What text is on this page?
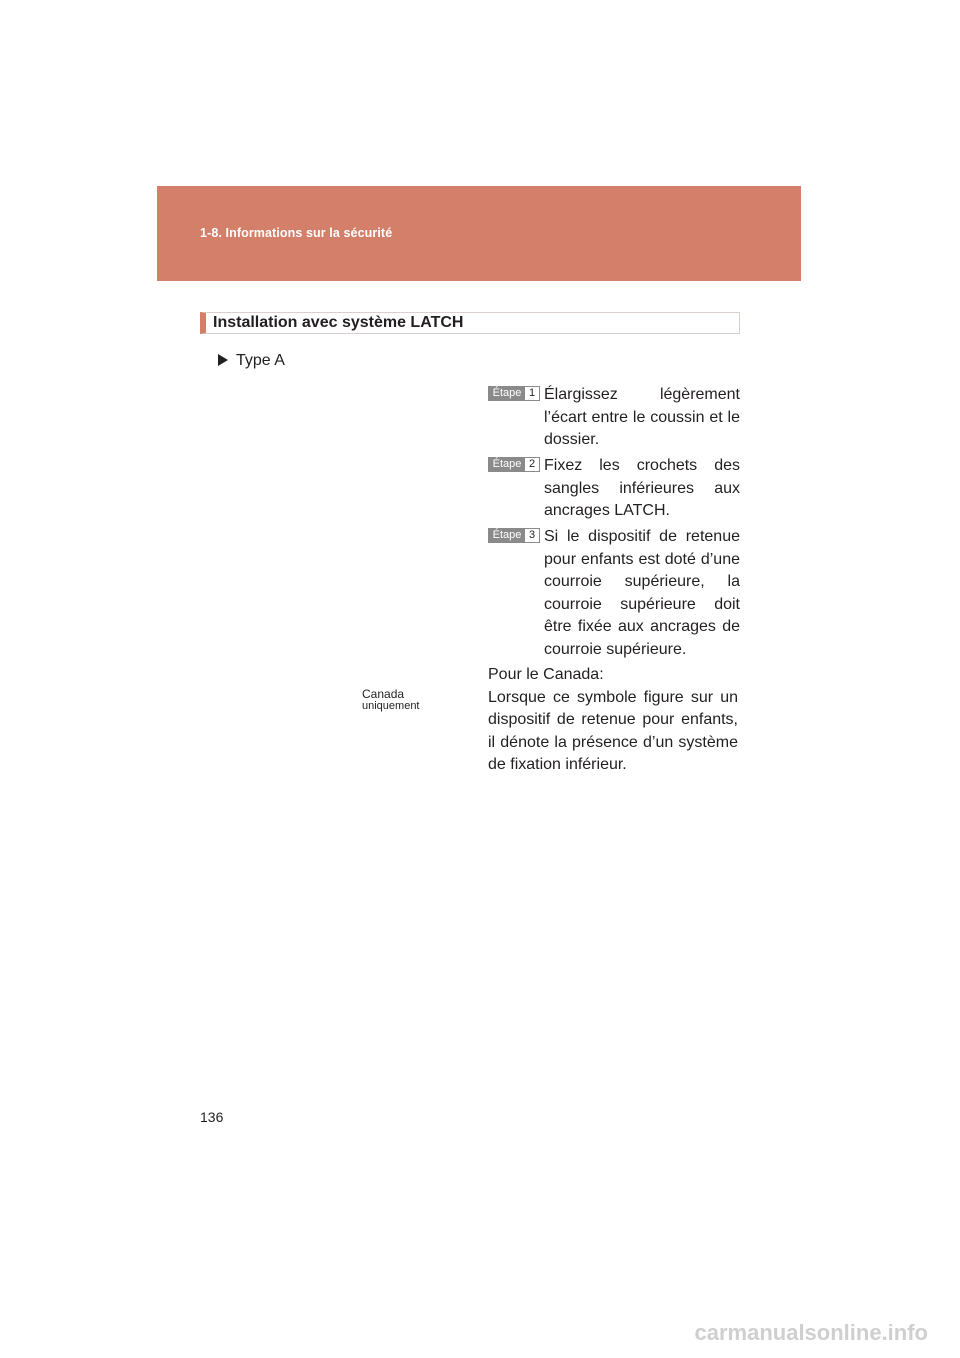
1-8. Informations sur la sécurité
Installation avec système LATCH
Type A
Étape 1 Élargissez légèrement l’écart entre le coussin et le dossier.
Étape 2 Fixez les crochets des sangles inférieures aux ancrages LATCH.
Étape 3 Si le dispositif de retenue pour enfants est doté d’une courroie supérieure, la courroie supérieure doit être fixée aux ancrages de courroie supérieure.
Canada
uniquement
Pour le Canada:
Lorsque ce symbole figure sur un dispositif de retenue pour enfants, il dénote la présence d’un système de fixation inférieur.
136
carmanualsonline.info
